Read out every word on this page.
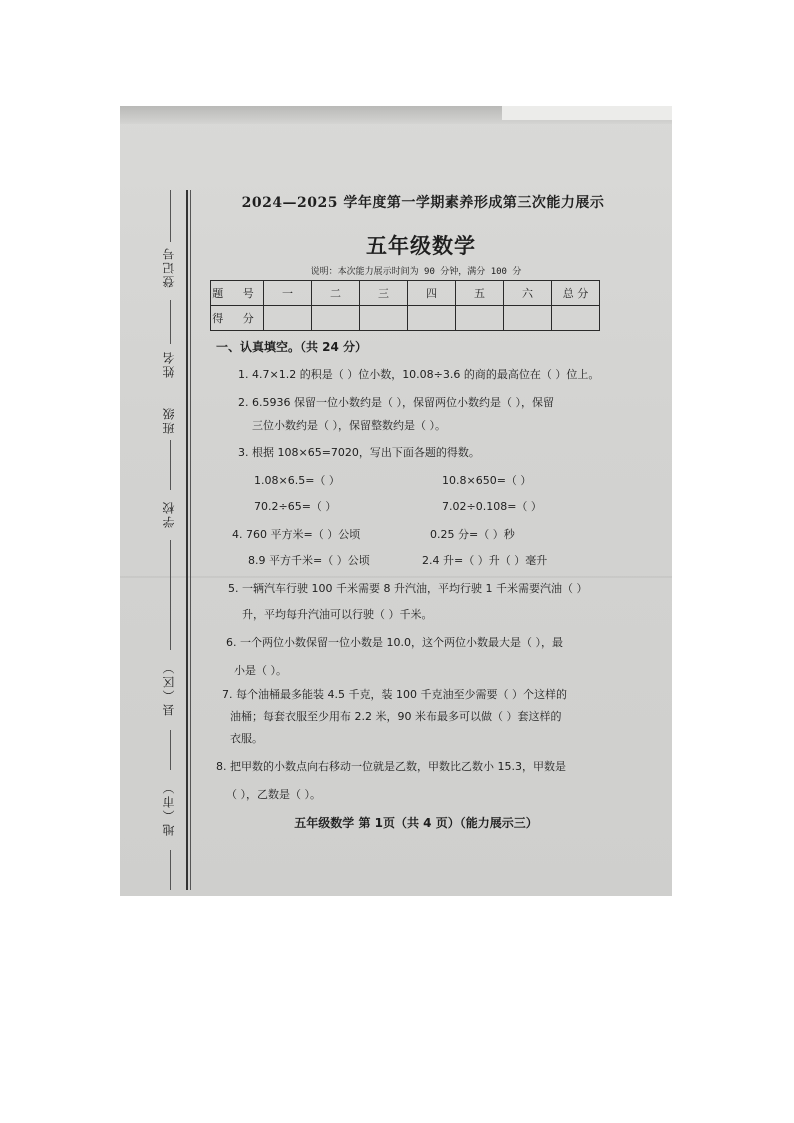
登记号
姓名
班级
学校
县（区）
地（市）
2024—2025 学年度第一学期素养形成第三次能力展示
五年级数学
说明：本次能力展示时间为 90 分钟，满分 100 分
题 号	一	二	三	四	五	六	总 分
得 分							
一、认真填空。（共 24 分）
1. 4.7×1.2 的积是（ ）位小数，10.08÷3.6 的商的最高位在（ ）位上。
2. 6.5936 保留一位小数约是（ ），保留两位小数约是（ ），保留
三位小数约是（ ），保留整数约是（ ）。
3. 根据 108×65=7020，写出下面各题的得数。
1.08×6.5=（ ）	10.8×650=（ ）
70.2÷65=（ ）	7.02÷0.108=（ ）
4. 760 平方米=（ ）公顷	0.25 分=（ ）秒
8.9 平方千米=（ ）公顷	2.4 升=（ ）升（ ）毫升
5. 一辆汽车行驶 100 千米需要 8 升汽油，平均行驶 1 千米需要汽油（ ）
升，平均每升汽油可以行驶（ ）千米。
6. 一个两位小数保留一位小数是 10.0，这个两位小数最大是（ ），最
小是（ ）。
7. 每个油桶最多能装 4.5 千克，装 100 千克油至少需要（ ）个这样的
油桶；每套衣服至少用布 2.2 米，90 米布最多可以做（ ）套这样的
衣服。
8. 把甲数的小数点向右移动一位就是乙数，甲数比乙数小 15.3，甲数是
（ ），乙数是（ ）。
五年级数学 第 1页（共 4 页）（能力展示三）
